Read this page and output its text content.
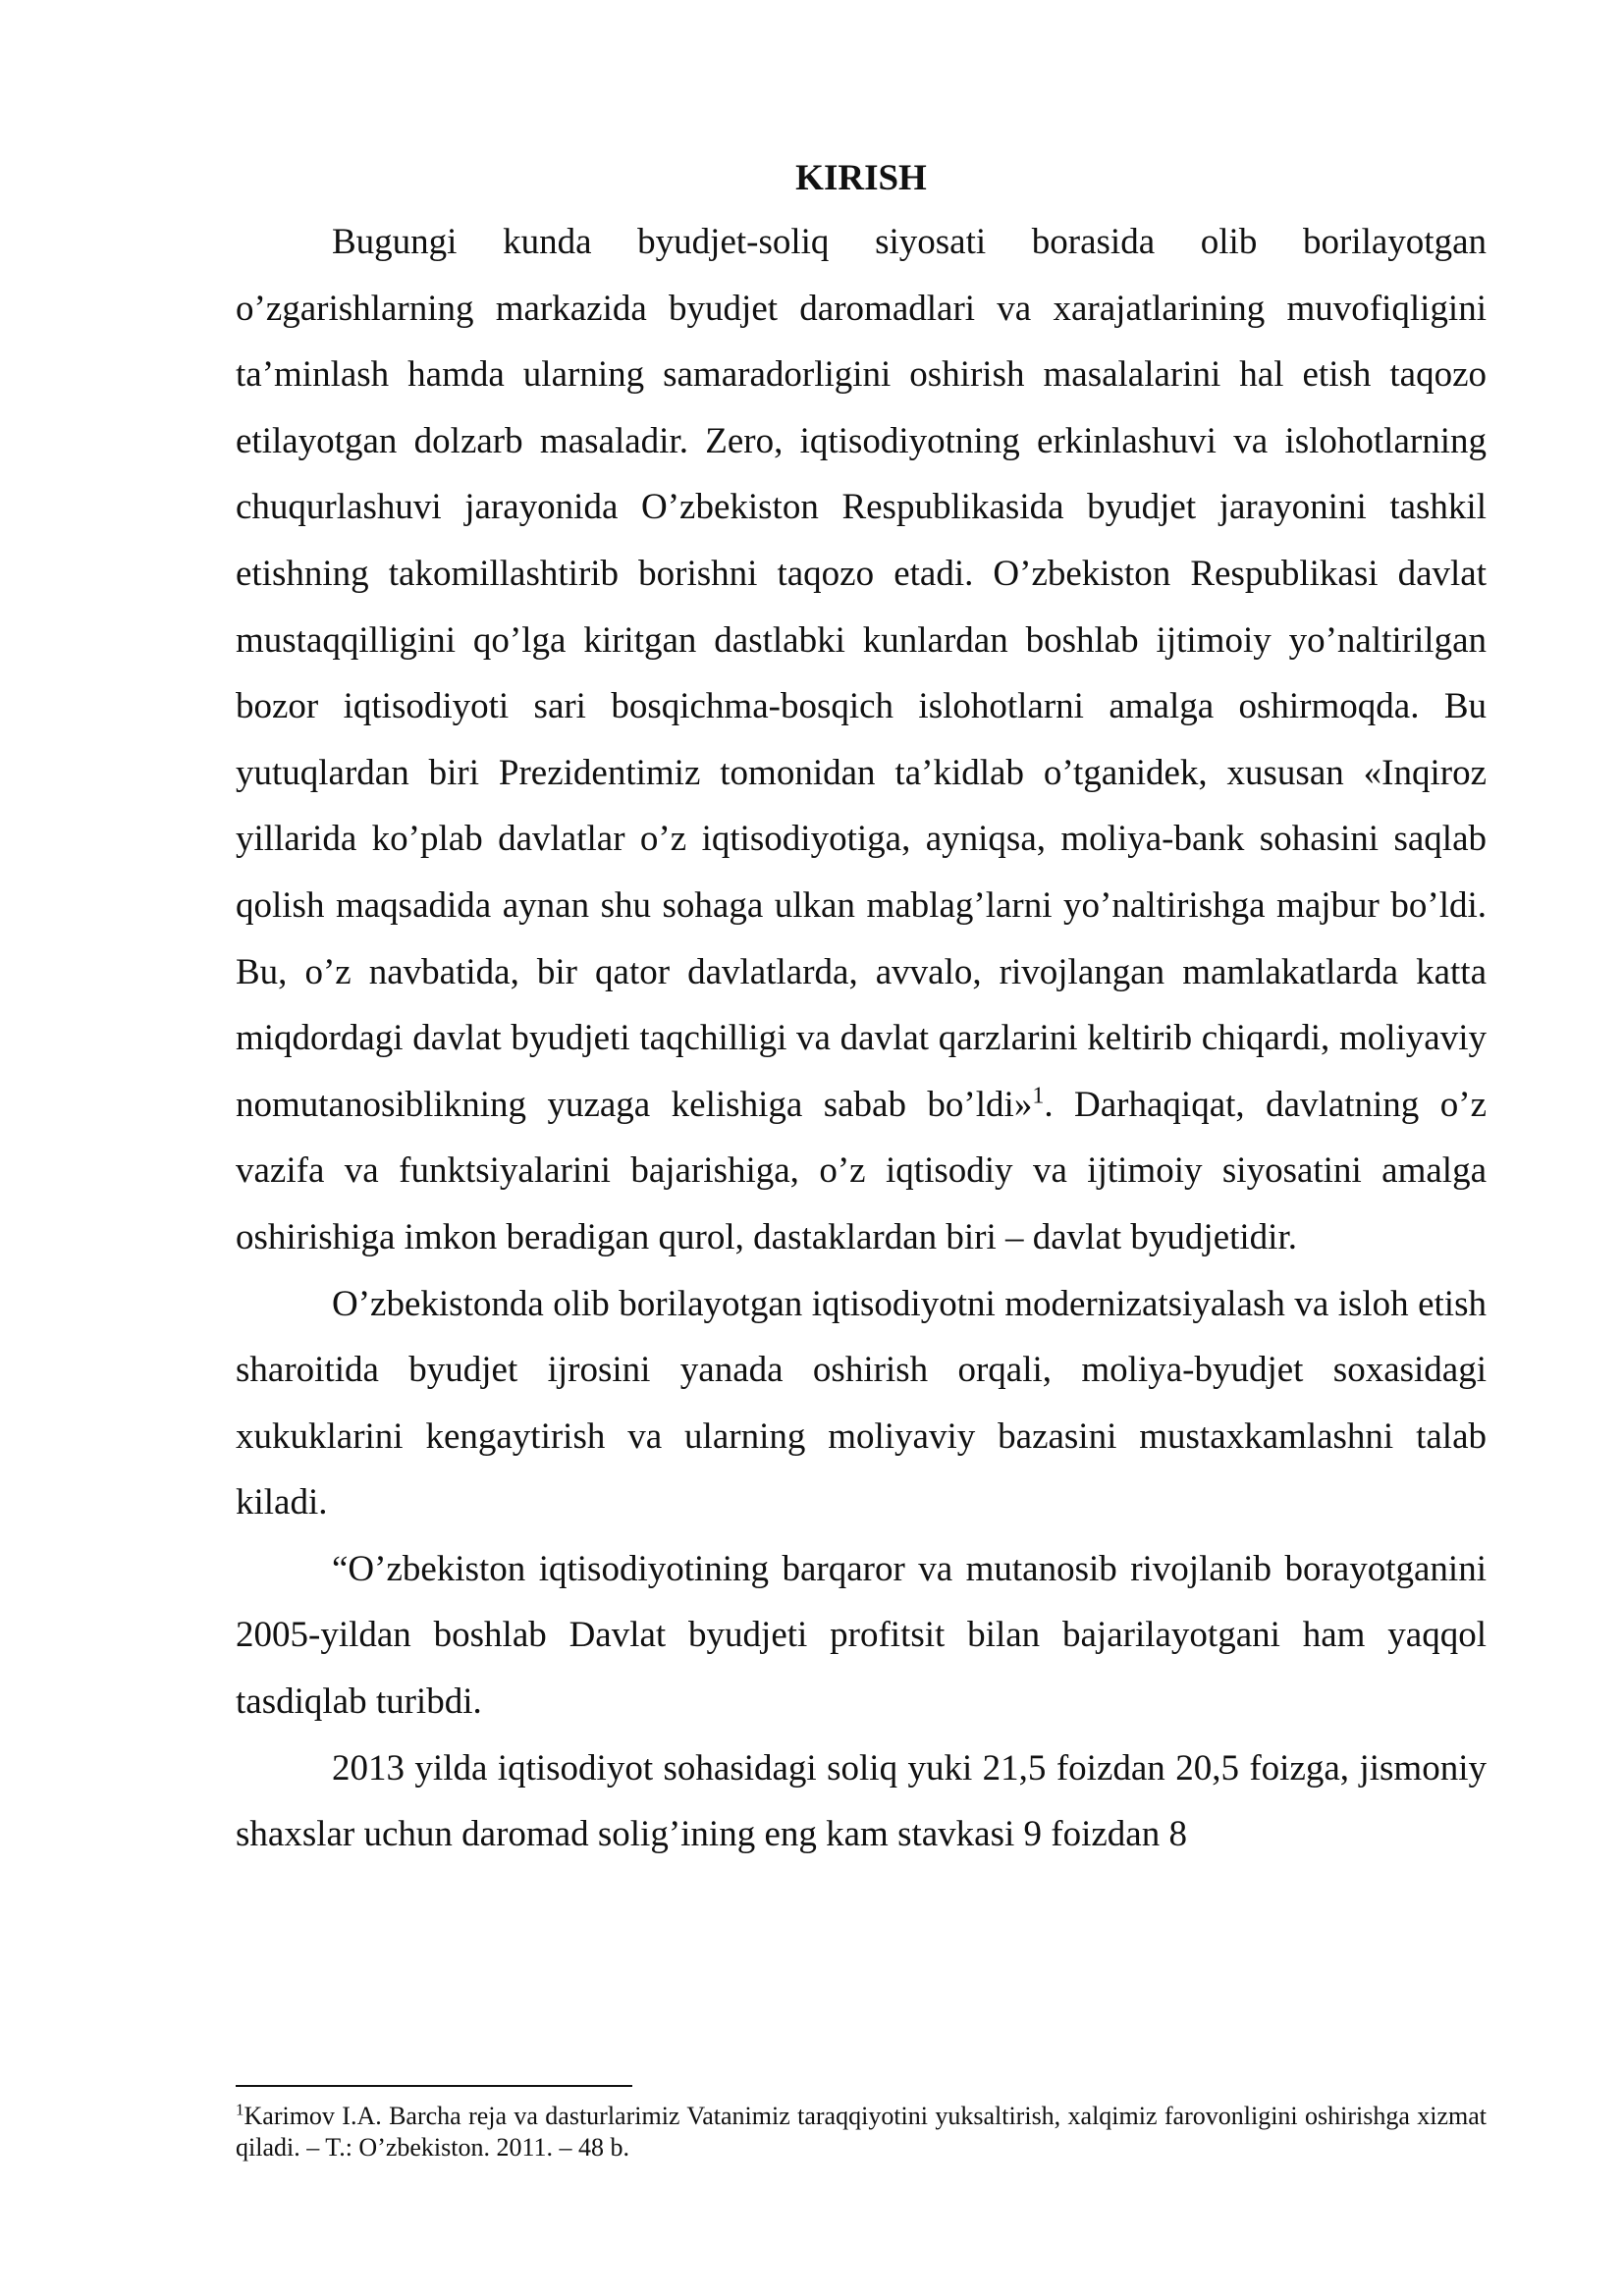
KIRISH

Bugungi kunda byudjet-soliq siyosati borasida olib borilayotgan o’zgarishlarning markazida byudjet daromadlari va xarajatlarining muvofiqligini ta’minlash hamda ularning samaradorligini oshirish masalalarini hal etish taqozo etilayotgan dolzarb masaladir. Zero, iqtisodiyotning erkinlashuvi va islohotlarning chuqurlashuvi jarayonida O’zbekiston Respublikasida byudjet jarayonini tashkil etishning takomillashtirib borishni taqozo etadi. O’zbekiston Respublikasi davlat mustaqqilligini qo’lga kiritgan dastlabki kunlardan boshlab ijtimoiy yo’naltirilgan bozor iqtisodiyoti sari bosqichma-bosqich islohotlarni amalga oshirmoqda. Bu yutuqlardan biri Prezidentimiz tomonidan ta’kidlab o’tganidek, xususan «Inqiroz yillarida ko’plab davlatlar o’z iqtisodiyotiga, ayniqsa, moliya-bank sohasini saqlab qolish maqsadida aynan shu sohaga ulkan mablag’larni yo’naltirishga majbur bo’ldi. Bu, o’z navbatida, bir qator davlatlarda, avvalo, rivojlangan mamlakatlarda katta miqdordagi davlat byudjeti taqchilligi va davlat qarzlarini keltirib chiqardi, moliyaviy nomutanosiblikning yuzaga kelishiga sabab bo’ldi»$^1$. Darhaqiqat, davlatning o’z vazifa va funktsiyalarini bajarishiga, o’z iqtisodiy va ijtimoiy siyosatini amalga oshirishiga imkon beradigan qurol, dastaklardan biri – davlat byudjetidir.

O’zbekistonda olib borilayotgan iqtisodiyotni modernizatsiyalash va isloh etish sharoitida byudjet ijrosini yanada oshirish orqali, moliya-byudjet soxasidagi xukuklarini kengaytirish va ularning moliyaviy bazasini mustaxkamlashni talab kiladi.

“O’zbekiston iqtisodiyotining barqaror va mutanosib rivojlanib borayotganini 2005-yildan boshlab Davlat byudjeti profitsit bilan bajarilayotgani ham yaqqol tasdiqlab turibdi.

2013 yilda iqtisodiyot sohasidagi soliq yuki 21,5 foizdan 20,5 foizga, jismoniy shaxslar uchun daromad solig’ining eng kam stavkasi 9 foizdan 8

$^1$Karimov I.A. Barcha reja va dasturlarimiz Vatanimiz taraqqiyotini yuksaltirish, xalqimiz farovonligini oshirishga xizmat qiladi. – T.: O’zbekiston. 2011. – 48 b.
